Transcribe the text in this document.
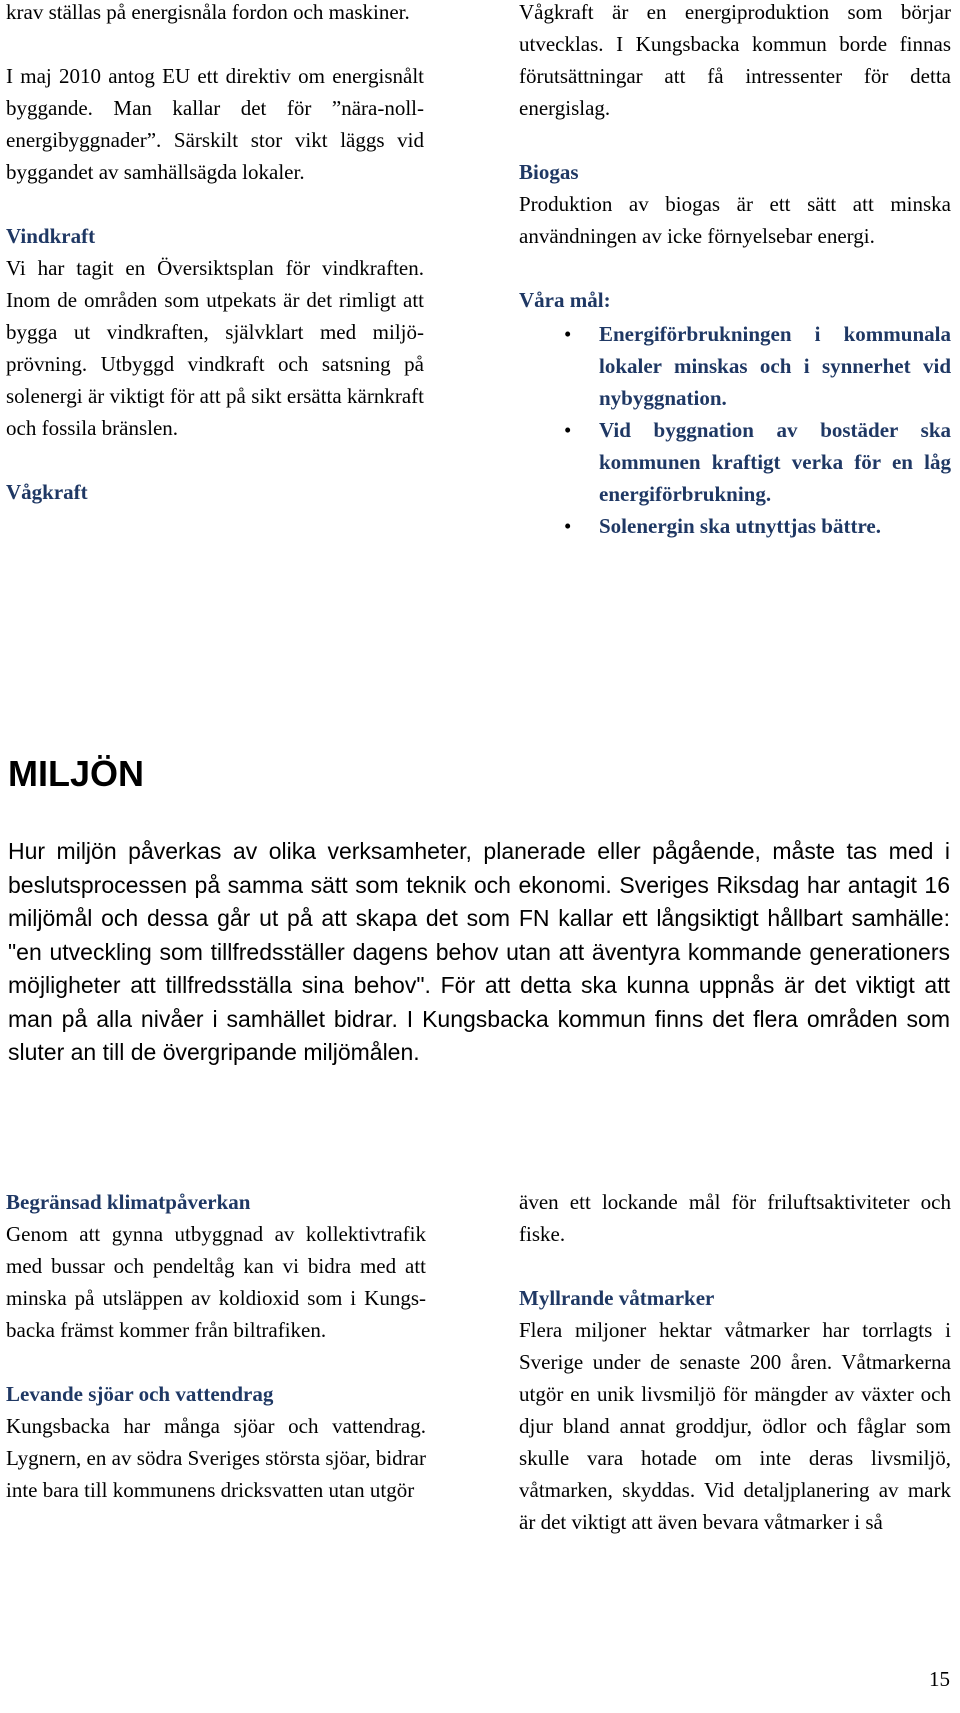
krav ställas på energisnåla fordon och maskiner.

I maj 2010 antog EU ett direktiv om energisnålt byggande. Man kallar det för ”nära-noll-energibyggnader”. Särskilt stor vikt läggs vid byggandet av samhällsägda lokaler.

Vindkraft

Vi har tagit en Översiktsplan för vindkraften. Inom de områden som utpekats är det rimligt att bygga ut vindkraften, självklart med miljöprövning. Utbyggd vindkraft och satsning på solenergi är viktigt för att på sikt ersätta kärnkraft och fossila bränslen.

Vågkraft

Vågkraft är en energiproduktion som börjar utvecklas. I Kungsbacka kommun borde finnas förutsättningar att få intressenter för detta energislag.

Biogas

Produktion av biogas är ett sätt att minska användningen av icke förnyelsebar energi.

Våra mål:
• Energiförbrukningen i kommunala lokaler minskas och i synnerhet vid nybyggnation.
• Vid byggnation av bostäder ska kommunen kraftigt verka för en låg energiförbrukning.
• Solenergin ska utnyttjas bättre.
MILJÖN
Hur miljön påverkas av olika verksamheter, planerade eller pågående, måste tas med i beslutsprocessen på samma sätt som teknik och ekonomi. Sveriges Riksdag har antagit 16 miljömål och dessa går ut på att skapa det som FN kallar ett långsiktigt hållbart samhälle: "en utveckling som tillfredsställer dagens behov utan att äventyra kommande generationers möjligheter att tillfredsställa sina behov". För att detta ska kunna uppnås är det viktigt att man på alla nivåer i samhället bidrar. I Kungsbacka kommun finns det flera områden som sluter an till de övergripande miljömålen.
Begränsad klimatpåverkan

Genom att gynna utbyggnad av kollektivtrafik med bussar och pendeltåg kan vi bidra med att minska på utsläppen av koldioxid som i Kungsbacka främst kommer från biltrafiken.

Levande sjöar och vattendrag

Kungsbacka har många sjöar och vattendrag. Lygnern, en av södra Sveriges största sjöar, bidrar inte bara till kommunens dricksvatten utan utgör

även ett lockande mål för friluftsaktiviteter och fiske.

Myllrande våtmarker

Flera miljoner hektar våtmarker har torrlagts i Sverige under de senaste 200 åren. Våtmarkerna utgör en unik livsmiljö för mängder av växter och djur bland annat groddjur, ödlor och fåglar som skulle vara hotade om inte deras livsmiljö, våtmarken, skyddas. Vid detaljplanering av mark är det viktigt att även bevara våtmarker i så

15
